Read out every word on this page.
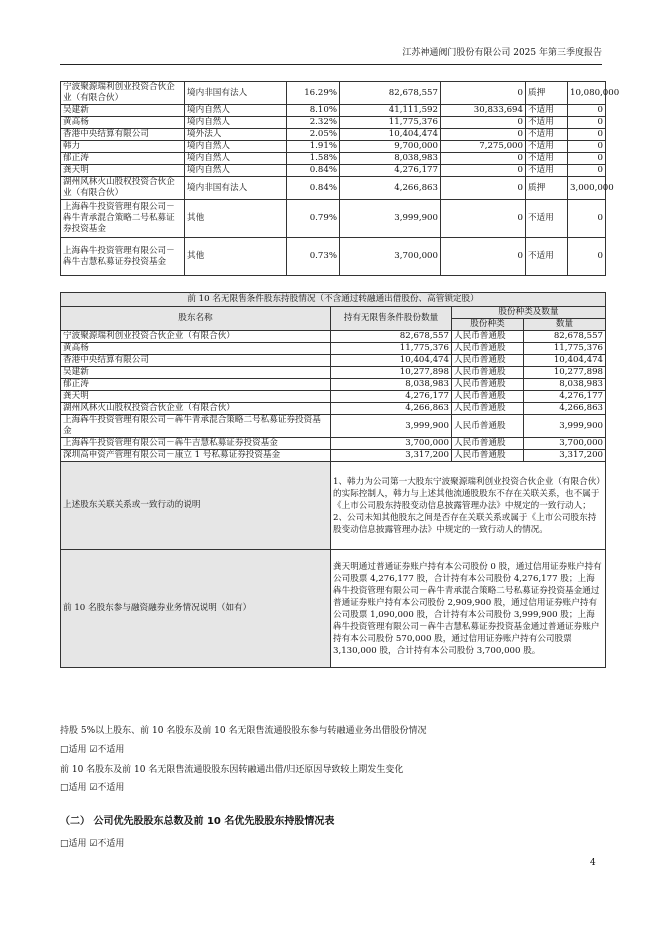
江苏神通阀门股份有限公司 2025 年第三季度报告
宁波聚源瑞利创业投资合伙企业（有限合伙）	境内非国有法人	16.29%	82,678,557	0	质押	10,080,000
吴建新	境内自然人	8.10%	41,111,592	30,833,694	不适用	0
黄高杨	境内自然人	2.32%	11,775,376	0	不适用	0
香港中央结算有限公司	境外法人	2.05%	10,404,474	0	不适用	0
韩力	境内自然人	1.91%	9,700,000	7,275,000	不适用	0
郁正涛	境内自然人	1.58%	8,038,983	0	不适用	0
龚天明	境内自然人	0.84%	4,276,177	0	不适用	0
湖州风林火山股权投资合伙企业（有限合伙）	境内非国有法人	0.84%	4,266,863	0	质押	3,000,000
上海犇牛投资管理有限公司－犇牛青承混合策略二号私募证券投资基金	其他	0.79%	3,999,900	0	不适用	0
上海犇牛投资管理有限公司－犇牛吉慧私募证券投资基金	其他	0.73%	3,700,000	0	不适用	0
前 10 名无限售条件股东持股情况（不含通过转融通出借股份、高管锁定股）			
股东名称	持有无限售条件股份数量	股份种类及数量	
		股份种类	数量
宁波聚源瑞利创业投资合伙企业（有限合伙）	82,678,557	人民币普通股	82,678,557
黄高杨	11,775,376	人民币普通股	11,775,376
香港中央结算有限公司	10,404,474	人民币普通股	10,404,474
吴建新	10,277,898	人民币普通股	10,277,898
郁正涛	8,038,983	人民币普通股	8,038,983
龚天明	4,276,177	人民币普通股	4,276,177
湖州风林火山股权投资合伙企业（有限合伙）	4,266,863	人民币普通股	4,266,863
上海犇牛投资管理有限公司－犇牛青承混合策略二号私募证券投资基金	3,999,900	人民币普通股	3,999,900
上海犇牛投资管理有限公司－犇牛吉慧私募证券投资基金	3,700,000	人民币普通股	3,700,000
深圳高申资产管理有限公司－康立 1 号私募证券投资基金	3,317,200	人民币普通股	3,317,200
上述股东关联关系或一致行动的说明	1、韩力为公司第一大股东宁波聚源瑞利创业投资合伙企业（有限合伙）的实际控制人，韩力与上述其他流通股股东不存在关联关系，也不属于《上市公司股东持股变动信息披露管理办法》中规定的一致行动人；
2、公司未知其他股东之间是否存在关联关系或属于《上市公司股东持股变动信息披露管理办法》中规定的一致行动人的情况。		
前 10 名股东参与融资融券业务情况说明（如有）	龚天明通过普通证券账户持有本公司股份 0 股，通过信用证券账户持有公司股票 4,276,177 股，合计持有本公司股份 4,276,177 股；上海犇牛投资管理有限公司－犇牛青承混合策略二号私募证券投资基金通过普通证券账户持有本公司股份 2,909,900 股，通过信用证券账户持有公司股票 1,090,000 股，合计持有本公司股份 3,999,900 股；上海犇牛投资管理有限公司－犇牛吉慧私募证券投资基金通过普通证券账户持有本公司股份 570,000 股，通过信用证券账户持有公司股票 3,130,000 股，合计持有本公司股份 3,700,000 股。		
持股 5%以上股东、前 10 名股东及前 10 名无限售流通股股东参与转融通业务出借股份情况
□适用 ☑不适用
前 10 名股东及前 10 名无限售流通股股东因转融通出借/归还原因导致较上期发生变化
□适用 ☑不适用
（二） 公司优先股股东总数及前 10 名优先股股东持股情况表
□适用 ☑不适用
4
